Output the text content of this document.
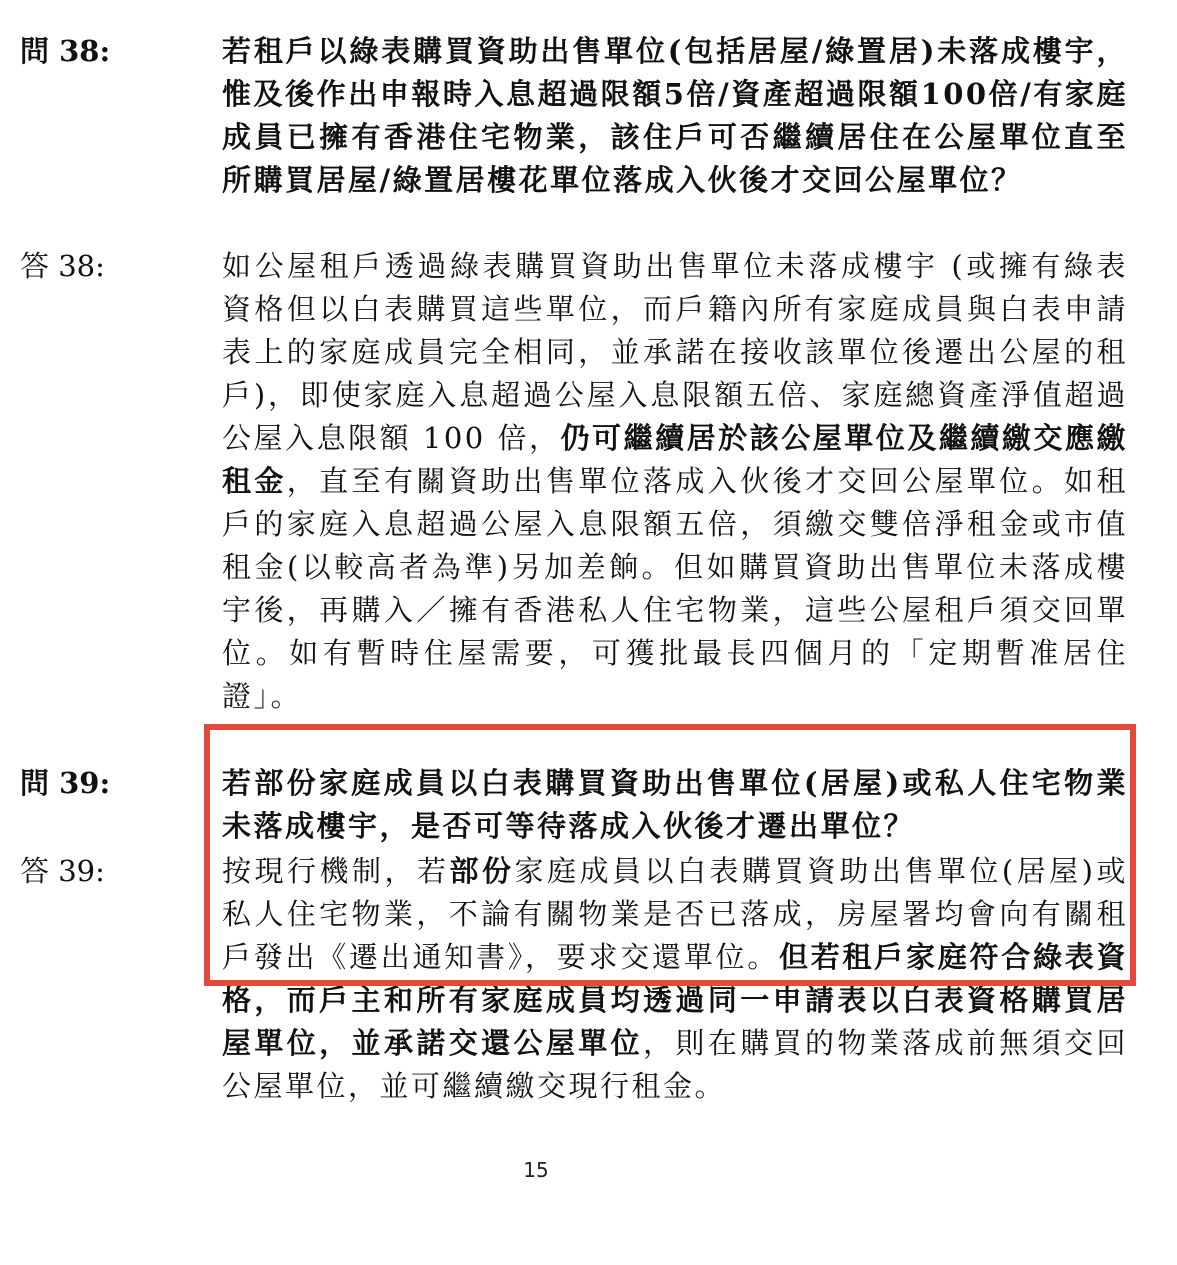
問 38:	若租戶以綠表購買資助出售單位(包括居屋/綠置居)未落成樓宇，惟及後作出申報時入息超過限額5倍/資產超過限額100倍/有家庭成員已擁有香港住宅物業，該住戶可否繼續居住在公屋單位直至所購買居屋/綠置居樓花單位落成入伙後才交回公屋單位？
答 38:	如公屋租戶透過綠表購買資助出售單位未落成樓宇 (或擁有綠表資格但以白表購買這些單位，而戶籍內所有家庭成員與白表申請表上的家庭成員完全相同，並承諾在接收該單位後遷出公屋的租戶)，即使家庭入息超過公屋入息限額五倍、家庭總資產淨值超過公屋入息限額 100 倍，仍可繼續居於該公屋單位及繼續繳交應繳租金，直至有關資助出售單位落成入伙後才交回公屋單位。如租戶的家庭入息超過公屋入息限額五倍，須繳交雙倍淨租金或市值租金(以較高者為準)另加差餉。但如購買資助出售單位未落成樓宇後，再購入／擁有香港私人住宅物業，這些公屋租戶須交回單位。如有暫時住屋需要，可獲批最長四個月的「定期暫准居住證」。
問 39:	若部份家庭成員以白表購買資助出售單位(居屋)或私人住宅物業未落成樓宇，是否可等待落成入伙後才遷出單位？
答 39:	按現行機制，若部份家庭成員以白表購買資助出售單位(居屋)或私人住宅物業，不論有關物業是否已落成，房屋署均會向有關租戶發出《遷出通知書》，要求交還單位。但若租戶家庭符合綠表資格，而戶主和所有家庭成員均透過同一申請表以白表資格購買居屋單位，並承諾交還公屋單位，則在購買的物業落成前無須交回公屋單位，並可繼續繳交現行租金。
15
